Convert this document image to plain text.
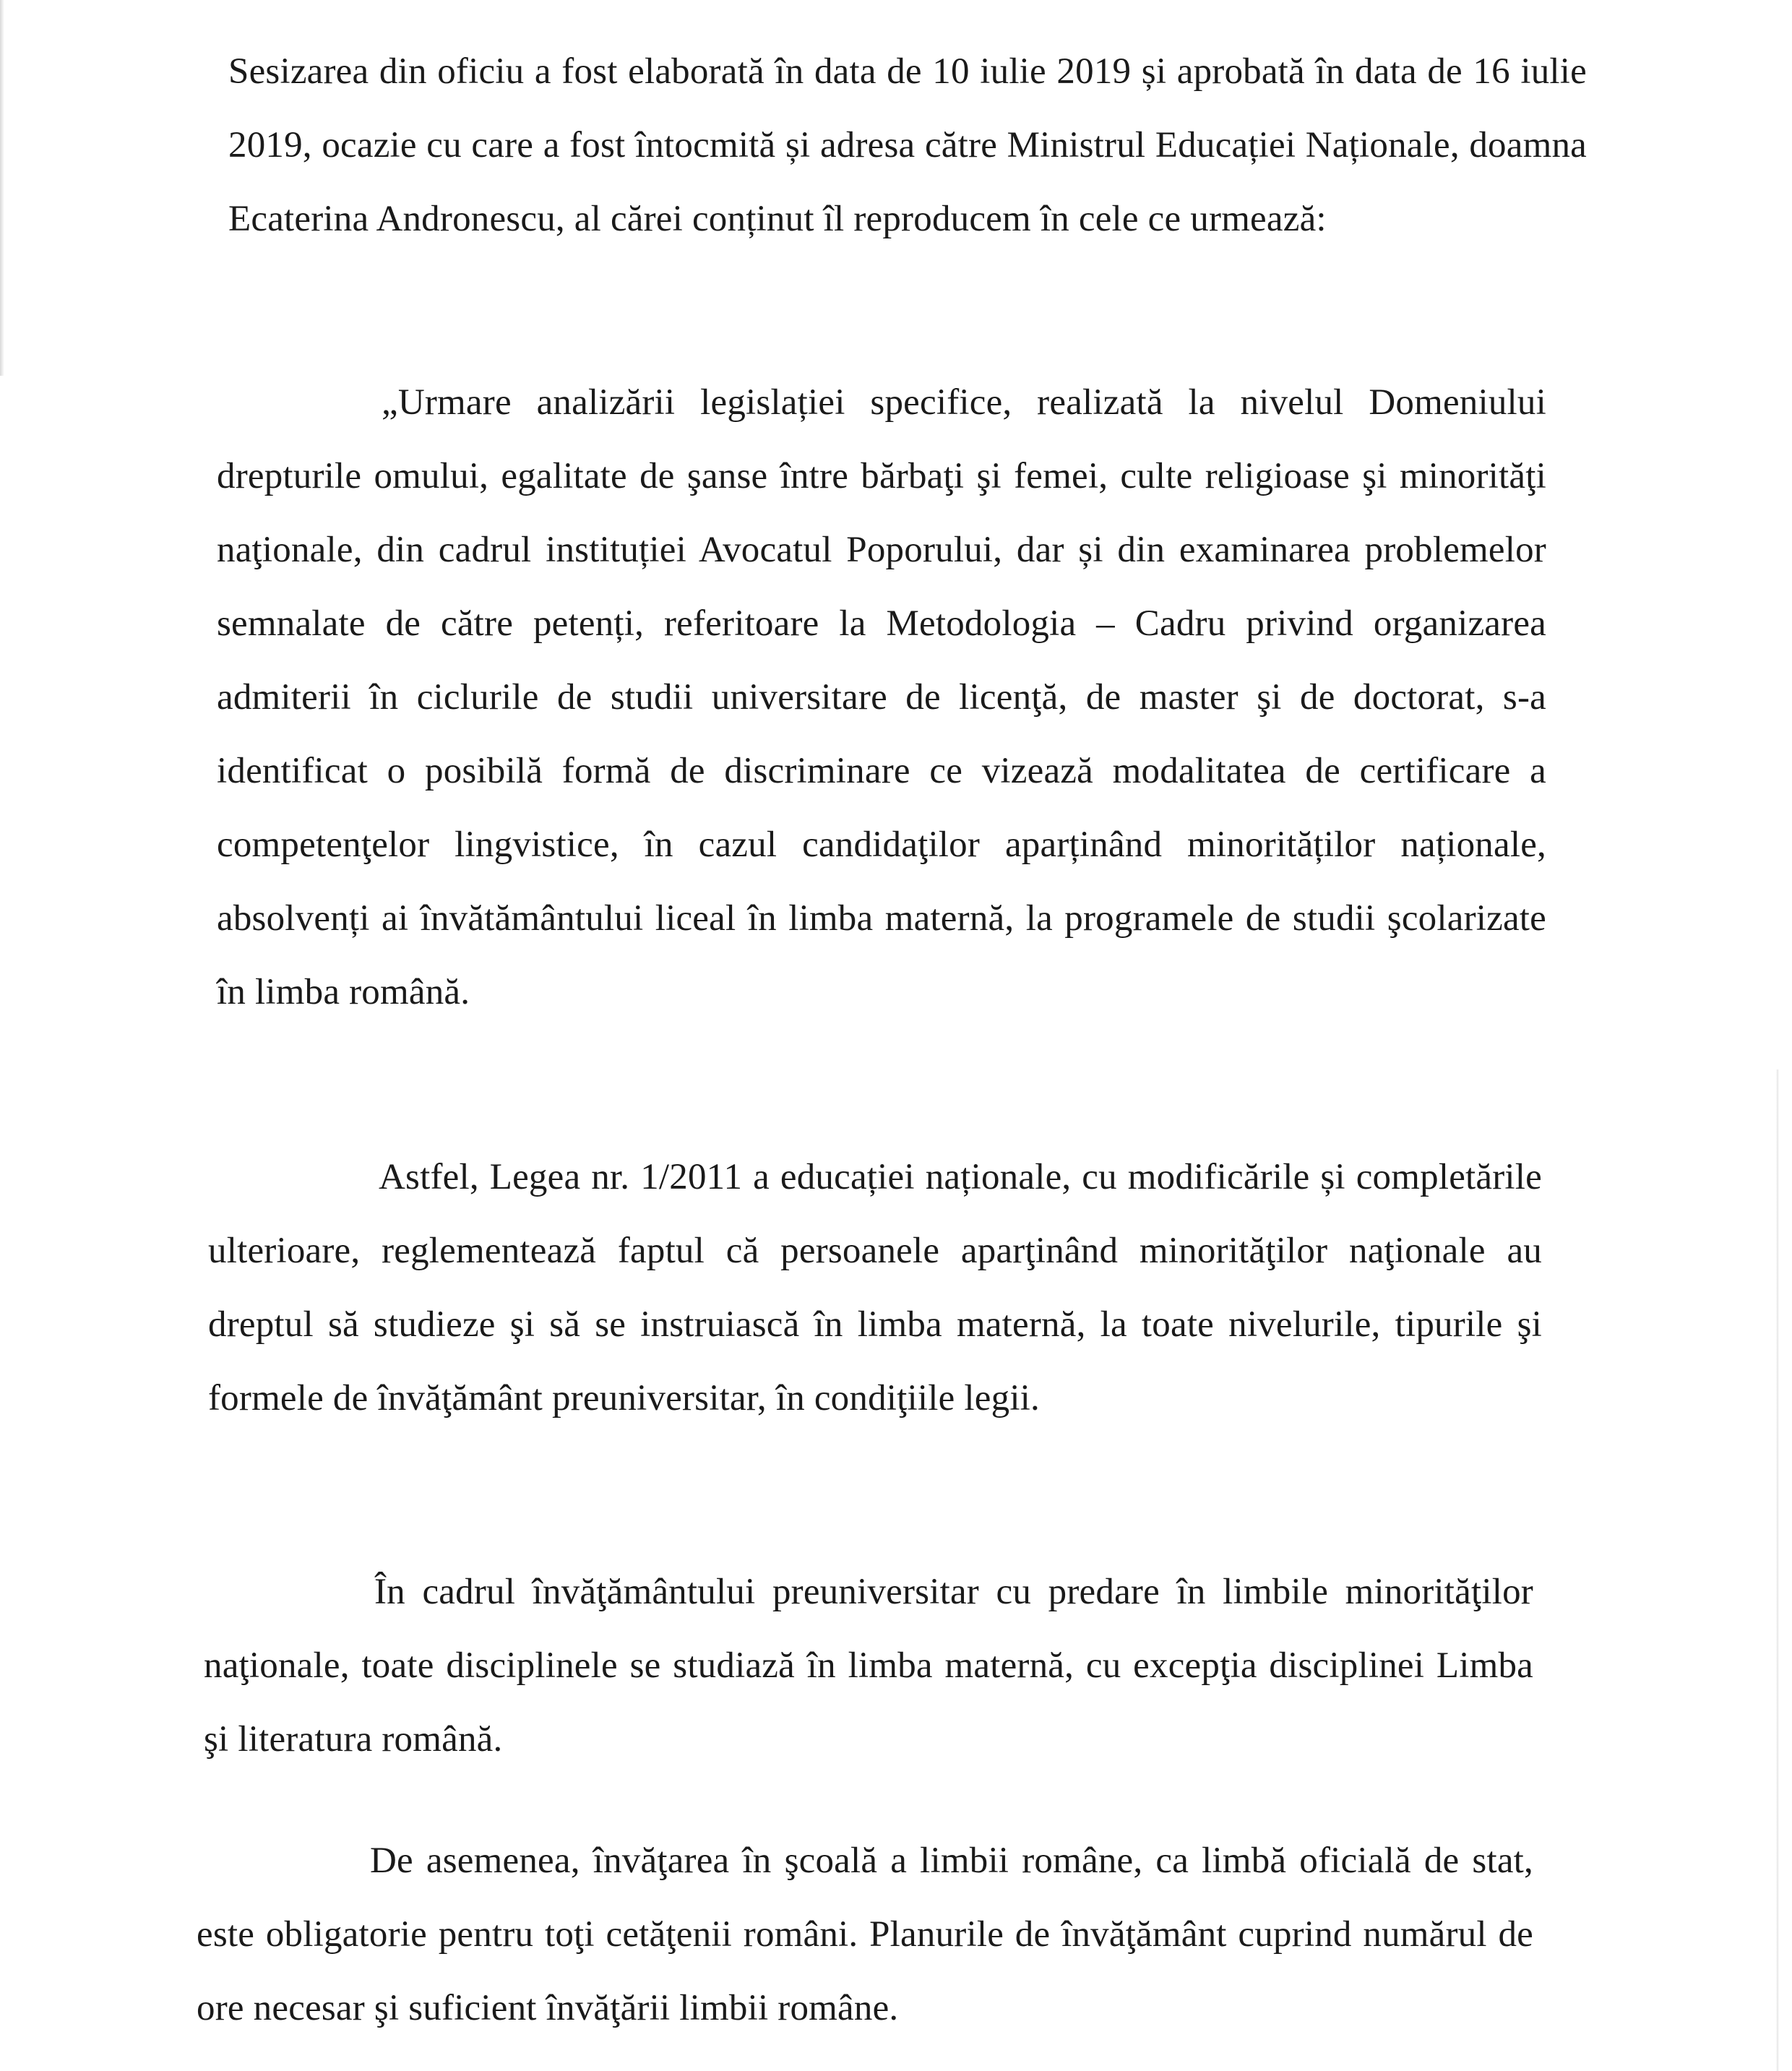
Sesizarea din oficiu a fost elaborată în data de 10 iulie 2019 și aprobată în data de 16 iulie 2019, ocazie cu care a fost întocmită și adresa către Ministrul Educației Naționale, doamna Ecaterina Andronescu, al cărei conținut îl reproducem în cele ce urmează:

„Urmare analizării legislației specifice, realizată la nivelul Domeniului drepturile omului, egalitate de şanse între bărbaţi şi femei, culte religioase şi minorităţi naţionale, din cadrul instituției Avocatul Poporului, dar și din examinarea problemelor semnalate de către petenți, referitoare la Metodologia – Cadru privind organizarea admiterii în ciclurile de studii universitare de licenţă, de master şi de doctorat, s-a identificat o posibilă formă de discriminare ce vizează modalitatea de certificare a competenţelor lingvistice, în cazul candidaţilor aparținând minorităților naționale, absolvenți ai învătământului liceal în limba maternă, la programele de studii şcolarizate în limba română.

Astfel, Legea nr. 1/2011 a educației naționale, cu modificările și completările ulterioare, reglementează faptul că persoanele aparţinând minorităţilor naţionale au dreptul să studieze şi să se instruiască în limba maternă, la toate nivelurile, tipurile şi formele de învăţământ preuniversitar, în condiţiile legii.

În cadrul învăţământului preuniversitar cu predare în limbile minorităţilor naţionale, toate disciplinele se studiază în limba maternă, cu excepţia disciplinei Limba şi literatura română.

De asemenea, învăţarea în şcoală a limbii române, ca limbă oficială de stat, este obligatorie pentru toţi cetăţenii români. Planurile de învăţământ cuprind numărul de ore necesar şi suficient învăţării limbii române.
